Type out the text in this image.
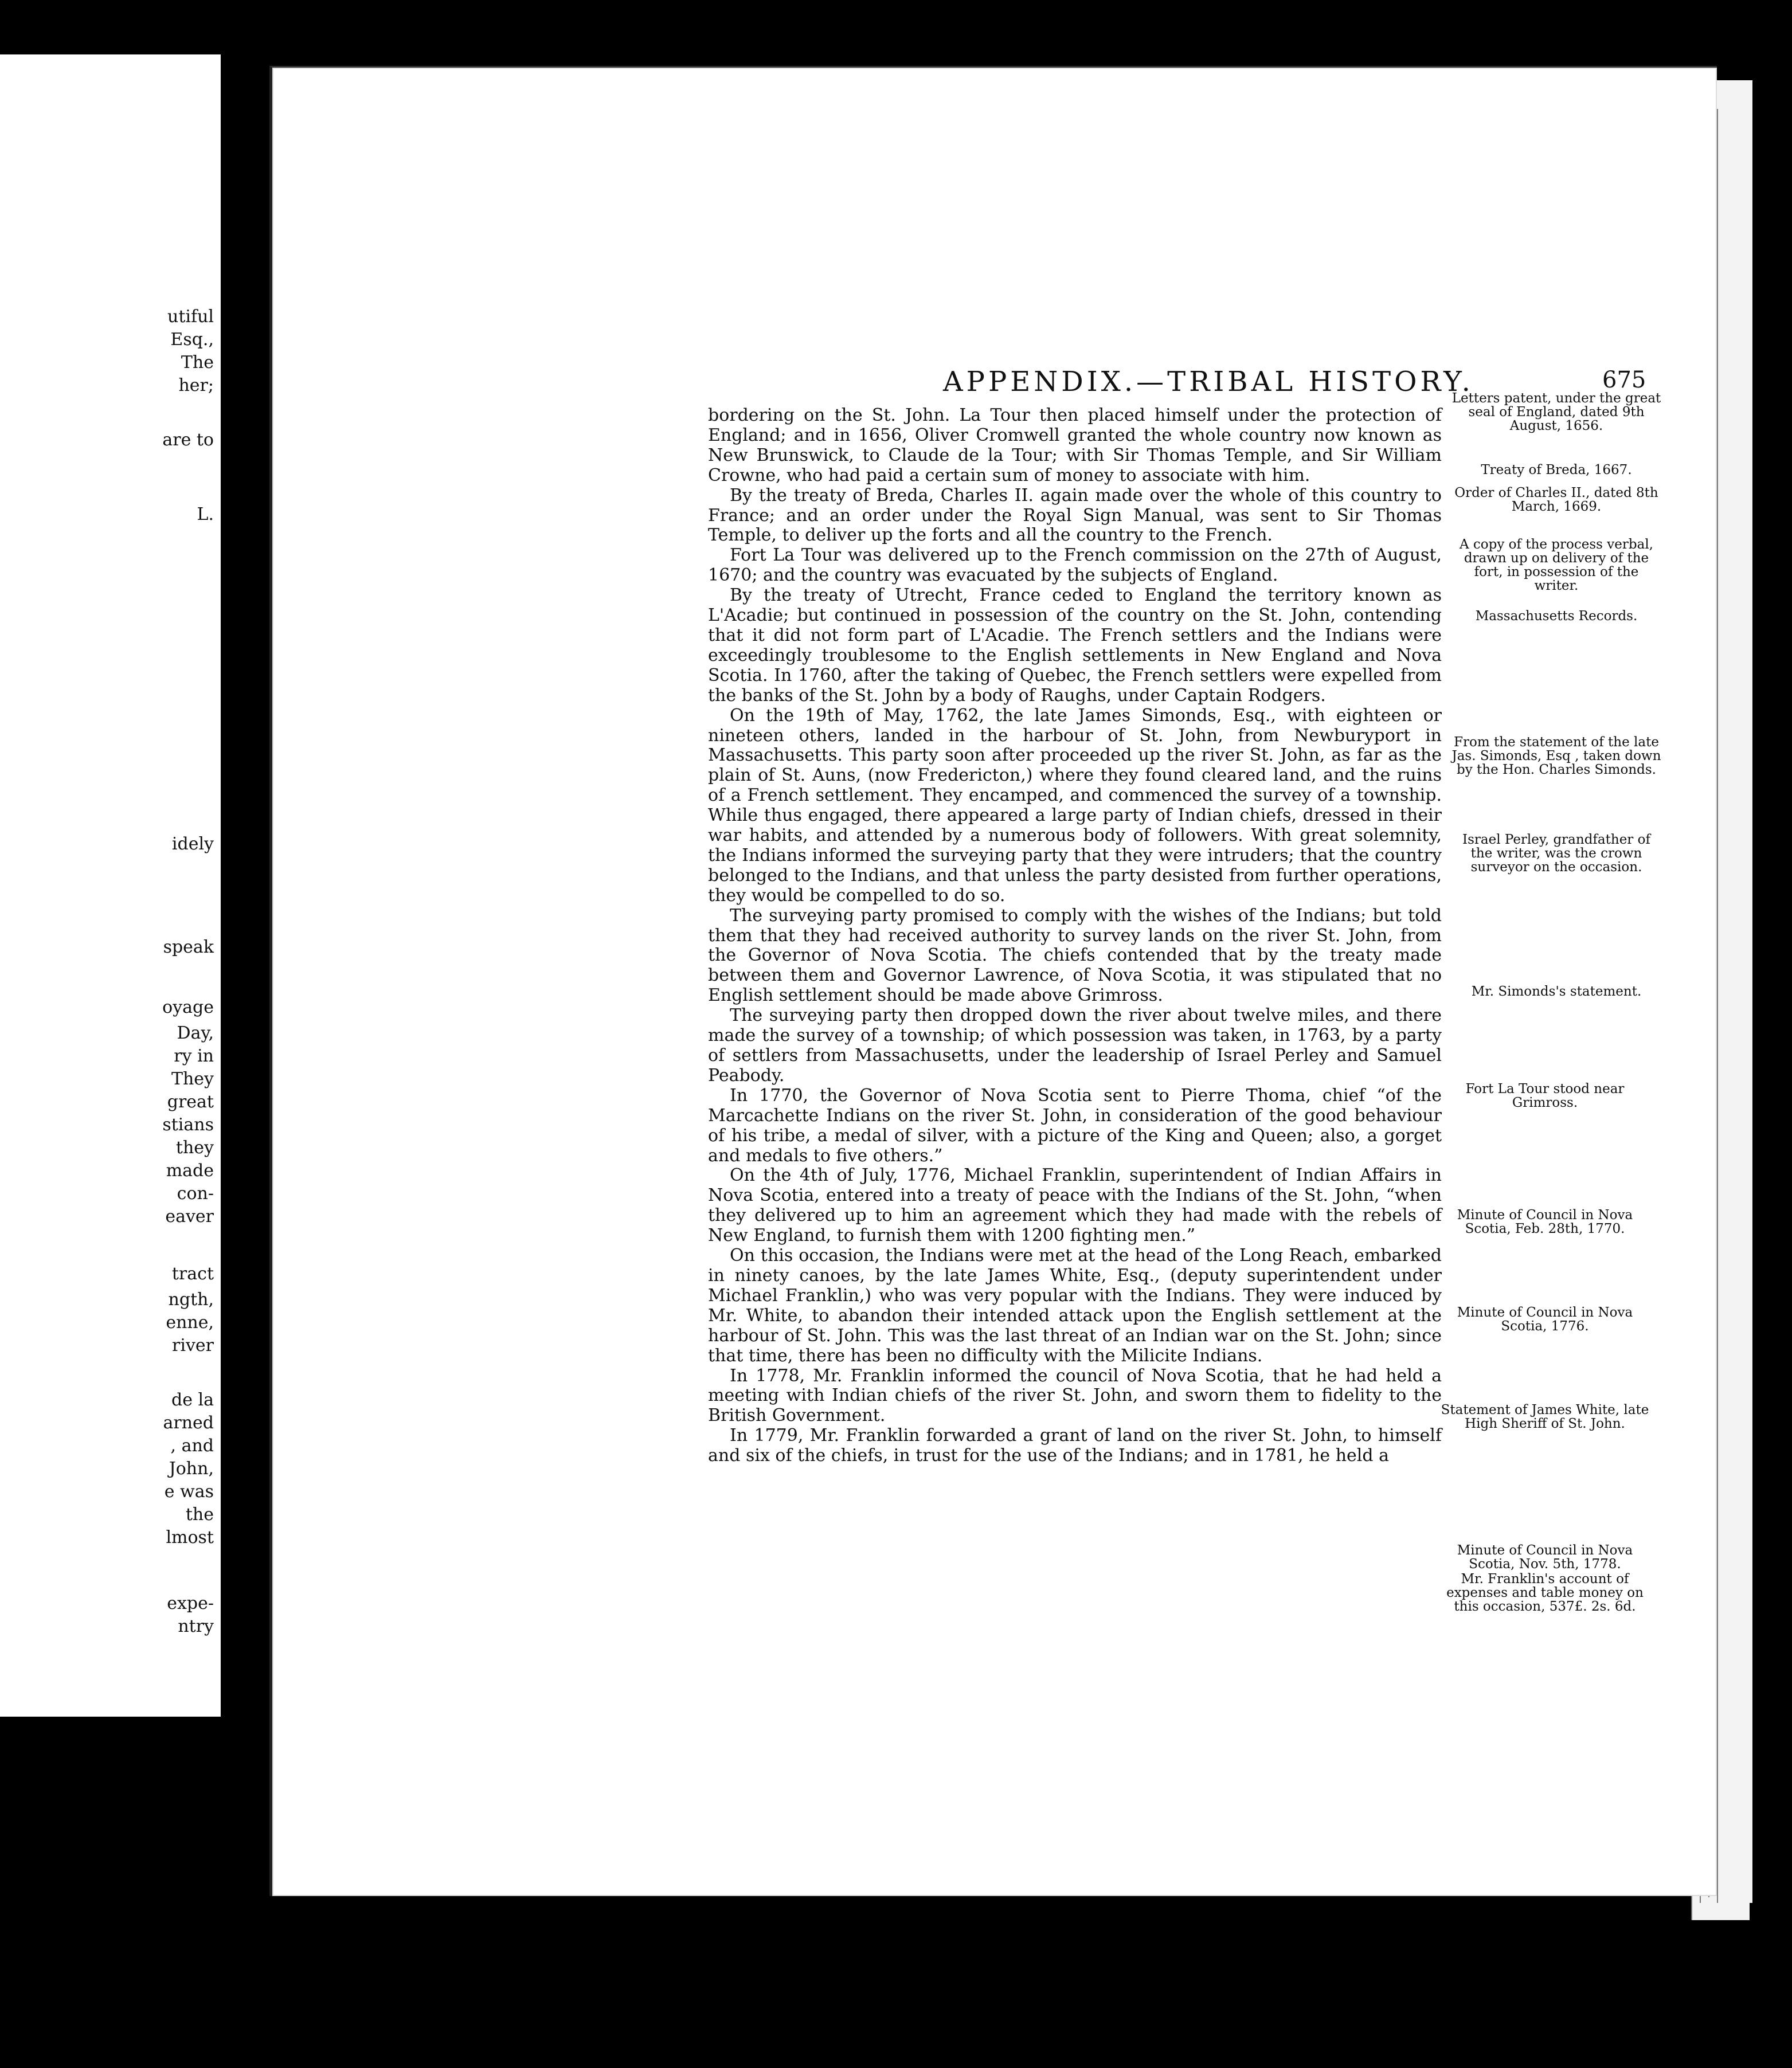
utiful
Esq.,
The
her;
are to
L.
idely
speak
oyage
Day,
ry in
They
great
stians
they
made
con-
eaver
tract
ngth,
enne,
river
de la
arned
, and
John,
e was
the
lmost
expe-
ntry
APPENDIX.—TRIBAL HISTORY.	675

bordering on the St. John. La Tour then placed himself under the protection of England; and in 1656, Oliver Cromwell granted the whole country now known as New Brunswick, to Claude de la Tour; with Sir Thomas Temple, and Sir William Crowne, who had paid a certain sum of money to associate with him.

By the treaty of Breda, Charles II. again made over the whole of this country to France; and an order under the Royal Sign Manual, was sent to Sir Thomas Temple, to deliver up the forts and all the country to the French.

Fort La Tour was delivered up to the French commission on the 27th of August, 1670; and the country was evacuated by the subjects of England.

By the treaty of Utrecht, France ceded to England the territory known as L'Acadie; but continued in possession of the country on the St. John, contending that it did not form part of L'Acadie. The French settlers and the Indians were exceedingly troublesome to the English settlements in New England and Nova Scotia. In 1760, after the taking of Quebec, the French settlers were expelled from the banks of the St. John by a body of Raughs, under Captain Rodgers.

On the 19th of May, 1762, the late James Simonds, Esq., with eighteen or nineteen others, landed in the harbour of St. John, from Newburyport in Massachusetts. This party soon after proceeded up the river St. John, as far as the plain of St. Auns, (now Fredericton,) where they found cleared land, and the ruins of a French settlement. They encamped, and commenced the survey of a township. While thus engaged, there appeared a large party of Indian chiefs, dressed in their war habits, and attended by a numerous body of followers. With great solemnity, the Indians informed the surveying party that they were intruders; that the country belonged to the Indians, and that unless the party desisted from further operations, they would be compelled to do so.

The surveying party promised to comply with the wishes of the Indians; but told them that they had received authority to survey lands on the river St. John, from the Governor of Nova Scotia. The chiefs contended that by the treaty made between them and Governor Lawrence, of Nova Scotia, it was stipulated that no English settlement should be made above Grimross.

The surveying party then dropped down the river about twelve miles, and there made the survey of a township; of which possession was taken, in 1763, by a party of settlers from Massachusetts, under the leadership of Israel Perley and Samuel Peabody.

In 1770, the Governor of Nova Scotia sent to Pierre Thoma, chief “of the Marcachette Indians on the river St. John, in consideration of the good behaviour of his tribe, a medal of silver, with a picture of the King and Queen; also, a gorget and medals to five others.”

On the 4th of July, 1776, Michael Franklin, superintendent of Indian Affairs in Nova Scotia, entered into a treaty of peace with the Indians of the St. John, “when they delivered up to him an agreement which they had made with the rebels of New England, to furnish them with 1200 fighting men.”

On this occasion, the Indians were met at the head of the Long Reach, embarked in ninety canoes, by the late James White, Esq., (deputy superintendent under Michael Franklin,) who was very popular with the Indians. They were induced by Mr. White, to abandon their intended attack upon the English settlement at the harbour of St. John. This was the last threat of an Indian war on the St. John; since that time, there has been no difficulty with the Milicite Indians.

In 1778, Mr. Franklin informed the council of Nova Scotia, that he had held a meeting with Indian chiefs of the river St. John, and sworn them to fidelity to the British Government.

In 1779, Mr. Franklin forwarded a grant of land on the river St. John, to himself and six of the chiefs, in trust for the use of the Indians; and in 1781, he held a

Letters patent, under the great seal of England, dated 9th August, 1656.
Treaty of Breda, 1667.
Order of Charles II., dated 8th March, 1669.
A copy of the process verbal, drawn up on delivery of the fort, in possession of the writer.
Massachusetts Records.
From the statement of the late Jas. Simonds, Esq , taken down by the Hon. Charles Simonds.
Israel Perley, grandfather of the writer, was the crown surveyor on the occasion.
Mr. Simonds's statement.
Fort La Tour stood near Grimross.
Minute of Council in Nova Scotia, Feb. 28th, 1770.
Minute of Council in Nova Scotia, 1776.
Statement of James White, late High Sheriff of St. John.
Minute of Council in Nova Scotia, Nov. 5th, 1778.
Mr. Franklin's account of expenses and table money on this occasion, 537£. 2s. 6d.
